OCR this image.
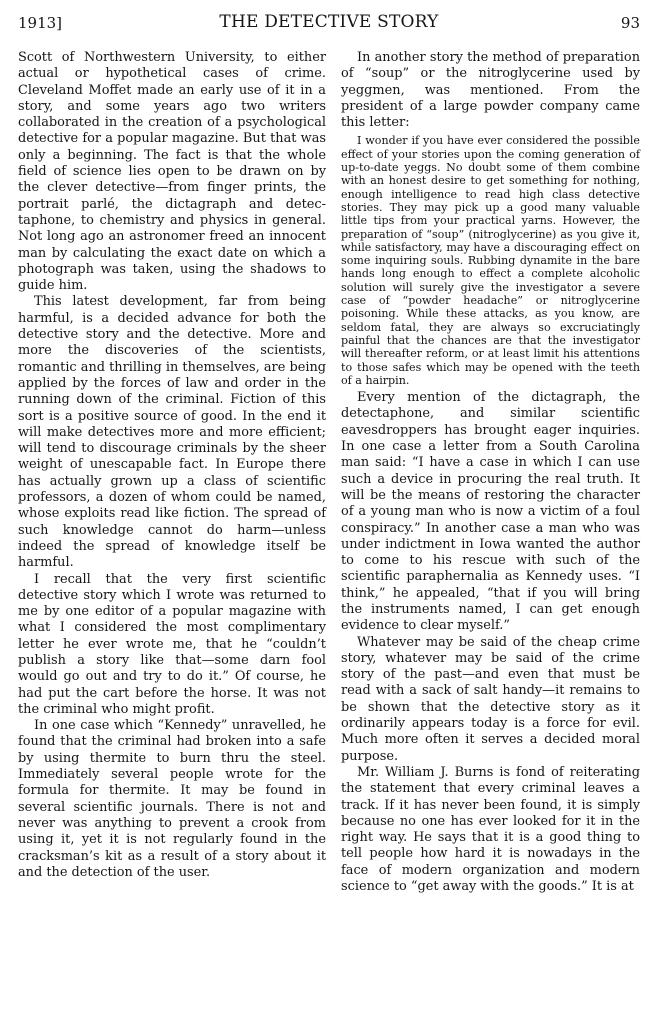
1913]	THE DETECTIVE STORY	93

Scott of Northwestern University, to either actual or hypothetical cases of crime. Cleveland Moffet made an early use of it in a story, and some years ago two writers collaborated in the creation of a psychological detective for a popular magazine. But that was only a beginning. The fact is that the whole field of science lies open to be drawn on by the clever detective—from finger prints, the portrait parlé, the dictagraph and detectaphone, to chemistry and physics in general. Not long ago an astronomer freed an innocent man by calculating the exact date on which a photograph was taken, using the shadows to guide him.

This latest development, far from being harmful, is a decided advance for both the detective story and the detective. More and more the discoveries of the scientists, romantic and thrilling in themselves, are being applied by the forces of law and order in the running down of the criminal. Fiction of this sort is a positive source of good. In the end it will make detectives more and more efficient; will tend to discourage criminals by the sheer weight of unescapable fact. In Europe there has actually grown up a class of scientific professors, a dozen of whom could be named, whose exploits read like fiction. The spread of such knowledge cannot do harm—unless indeed the spread of knowledge itself be harmful.

I recall that the very first scientific detective story which I wrote was returned to me by one editor of a popular magazine with what I considered the most complimentary letter he ever wrote me, that he “couldn’t publish a story like that—some darn fool would go out and try to do it.” Of course, he had put the cart before the horse. It was not the criminal who might profit.

In one case which “Kennedy” unravelled, he found that the criminal had broken into a safe by using thermite to burn thru the steel. Immediately several people wrote for the formula for thermite. It may be found in several scientific journals. There is not and never was anything to prevent a crook from using it, yet it is not regularly found in the cracksman’s kit as a result of a story about it and the detection of the user.

In another story the method of preparation of “soup” or the nitroglycerine used by yeggmen, was mentioned. From the president of a large powder company came this letter:

I wonder if you have ever considered the possible effect of your stories upon the coming generation of up-to-date yeggs. No doubt some of them combine with an honest desire to get something for nothing, enough intelligence to read high class detective stories. They may pick up a good many valuable little tips from your practical yarns. However, the preparation of “soup” (nitroglycerine) as you give it, while satisfactory, may have a discouraging effect on some inquiring souls. Rubbing dynamite in the bare hands long enough to effect a complete alcoholic solution will surely give the investigator a severe case of “powder headache” or nitroglycerine poisoning. While these attacks, as you know, are seldom fatal, they are always so excruciatingly painful that the chances are that the investigator will thereafter reform, or at least limit his attentions to those safes which may be opened with the teeth of a hairpin.

Every mention of the dictagraph, the detectaphone, and similar scientific eavesdroppers has brought eager inquiries. In one case a letter from a South Carolina man said: “I have a case in which I can use such a device in procuring the real truth. It will be the means of restoring the character of a young man who is now a victim of a foul conspiracy.” In another case a man who was under indictment in Iowa wanted the author to come to his rescue with such of the scientific paraphernalia as Kennedy uses. “I think,” he appealed, “that if you will bring the instruments named, I can get enough evidence to clear myself.”

Whatever may be said of the cheap crime story, whatever may be said of the crime story of the past—and even that must be read with a sack of salt handy—it remains to be shown that the detective story as it ordinarily appears today is a force for evil. Much more often it serves a decided moral purpose.

Mr. William J. Burns is fond of reiterating the statement that every criminal leaves a track. If it has never been found, it is simply because no one has ever looked for it in the right way. He says that it is a good thing to tell people how hard it is nowadays in the face of modern organization and modern science to “get away with the goods.” It is at
